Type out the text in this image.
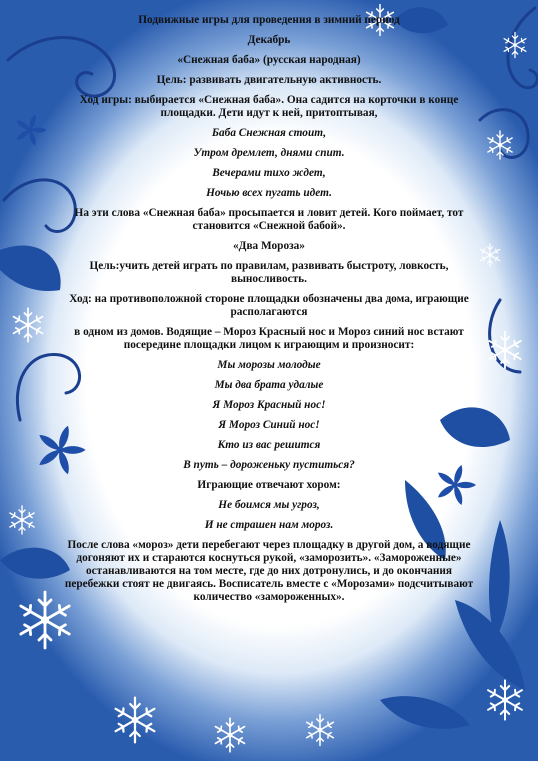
Подвижные игры для проведения в зимний период

Декабрь

«Снежная баба» (русская народная)

Цель: развивать двигательную активность.

Ход игры: выбирается «Снежная баба». Она садится на корточки в конце площадки. Дети идут к ней, притоптывая,

Баба Снежная стоит,

Утром дремлет, днями спит.

Вечерами тихо ждет,

Ночью всех пугать идет.

На эти слова «Снежная баба» просыпается и ловит детей. Кого поймает, тот становится «Снежной бабой».

«Два Мороза»

Цель:учить детей играть по правилам, развивать быстроту, ловкость, выносливость.

Ход: на противоположной стороне площадки обозначены два дома, играющие располагаются

в одном из домов. Водящие – Мороз Красный нос и Мороз синий нос встают посередине площадки лицом к играющим и произносит:

Мы морозы молодые

Мы два брата удалые

Я Мороз Красный нос!

Я Мороз Синий нос!

Кто из вас решится

В путь – дороженьку пуститься?

Играющие отвечают хором:

Не боимся мы угроз,

И не страшен нам мороз.

После слова «мороз» дети перебегают через площадку в другой дом, а водящие догоняют их и стараются коснуться рукой, «заморозить». «Замороженные» останавливаются на том месте, где до них дотронулись, и до окончания перебежки стоят не двигаясь. Восписатель вместе с «Морозами» подсчитывают количество «замороженных».
